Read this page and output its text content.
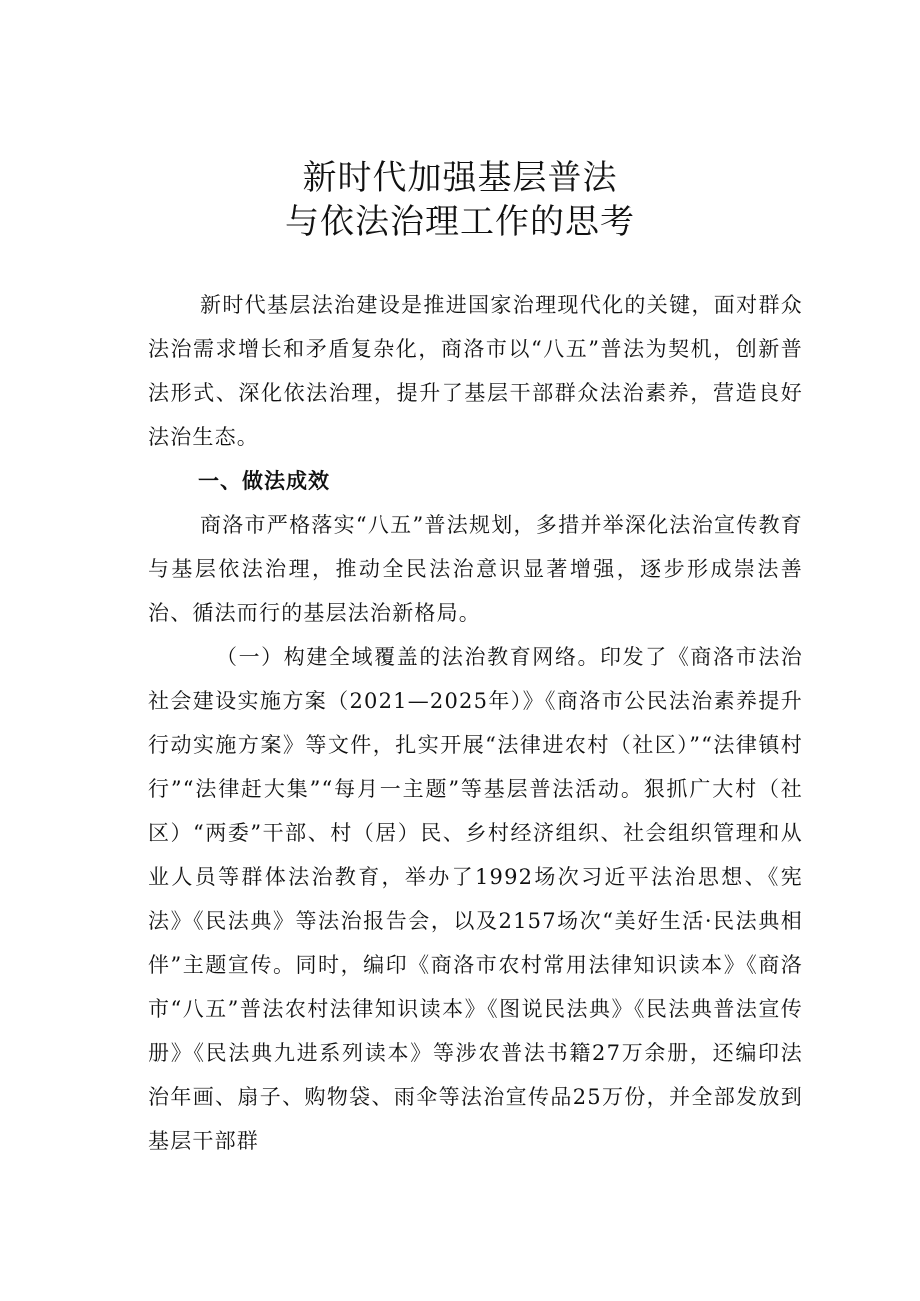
新时代加强基层普法
与依法治理工作的思考

新时代基层法治建设是推进国家治理现代化的关键，面对群众法治需求增长和矛盾复杂化，商洛市以“八五”普法为契机，创新普法形式、深化依法治理，提升了基层干部群众法治素养，营造良好法治生态。

一、做法成效

商洛市严格落实“八五”普法规划，多措并举深化法治宣传教育与基层依法治理，推动全民法治意识显著增强，逐步形成崇法善治、循法而行的基层法治新格局。

（一）构建全域覆盖的法治教育网络。印发了《商洛市法治社会建设实施方案（2021—2025年）》《商洛市公民法治素养提升行动实施方案》等文件，扎实开展“法律进农村（社区）”“法律镇村行”“法律赶大集”“每月一主题”等基层普法活动。狠抓广大村（社区）“两委”干部、村（居）民、乡村经济组织、社会组织管理和从业人员等群体法治教育，举办了1992场次习近平法治思想、《宪法》《民法典》等法治报告会，以及2157场次“美好生活·民法典相伴”主题宣传。同时，编印《商洛市农村常用法律知识读本》《商洛市“八五”普法农村法律知识读本》《图说民法典》《民法典普法宣传册》《民法典九进系列读本》等涉农普法书籍27万余册，还编印法治年画、扇子、购物袋、雨伞等法治宣传品25万份，并全部发放到基层干部群
